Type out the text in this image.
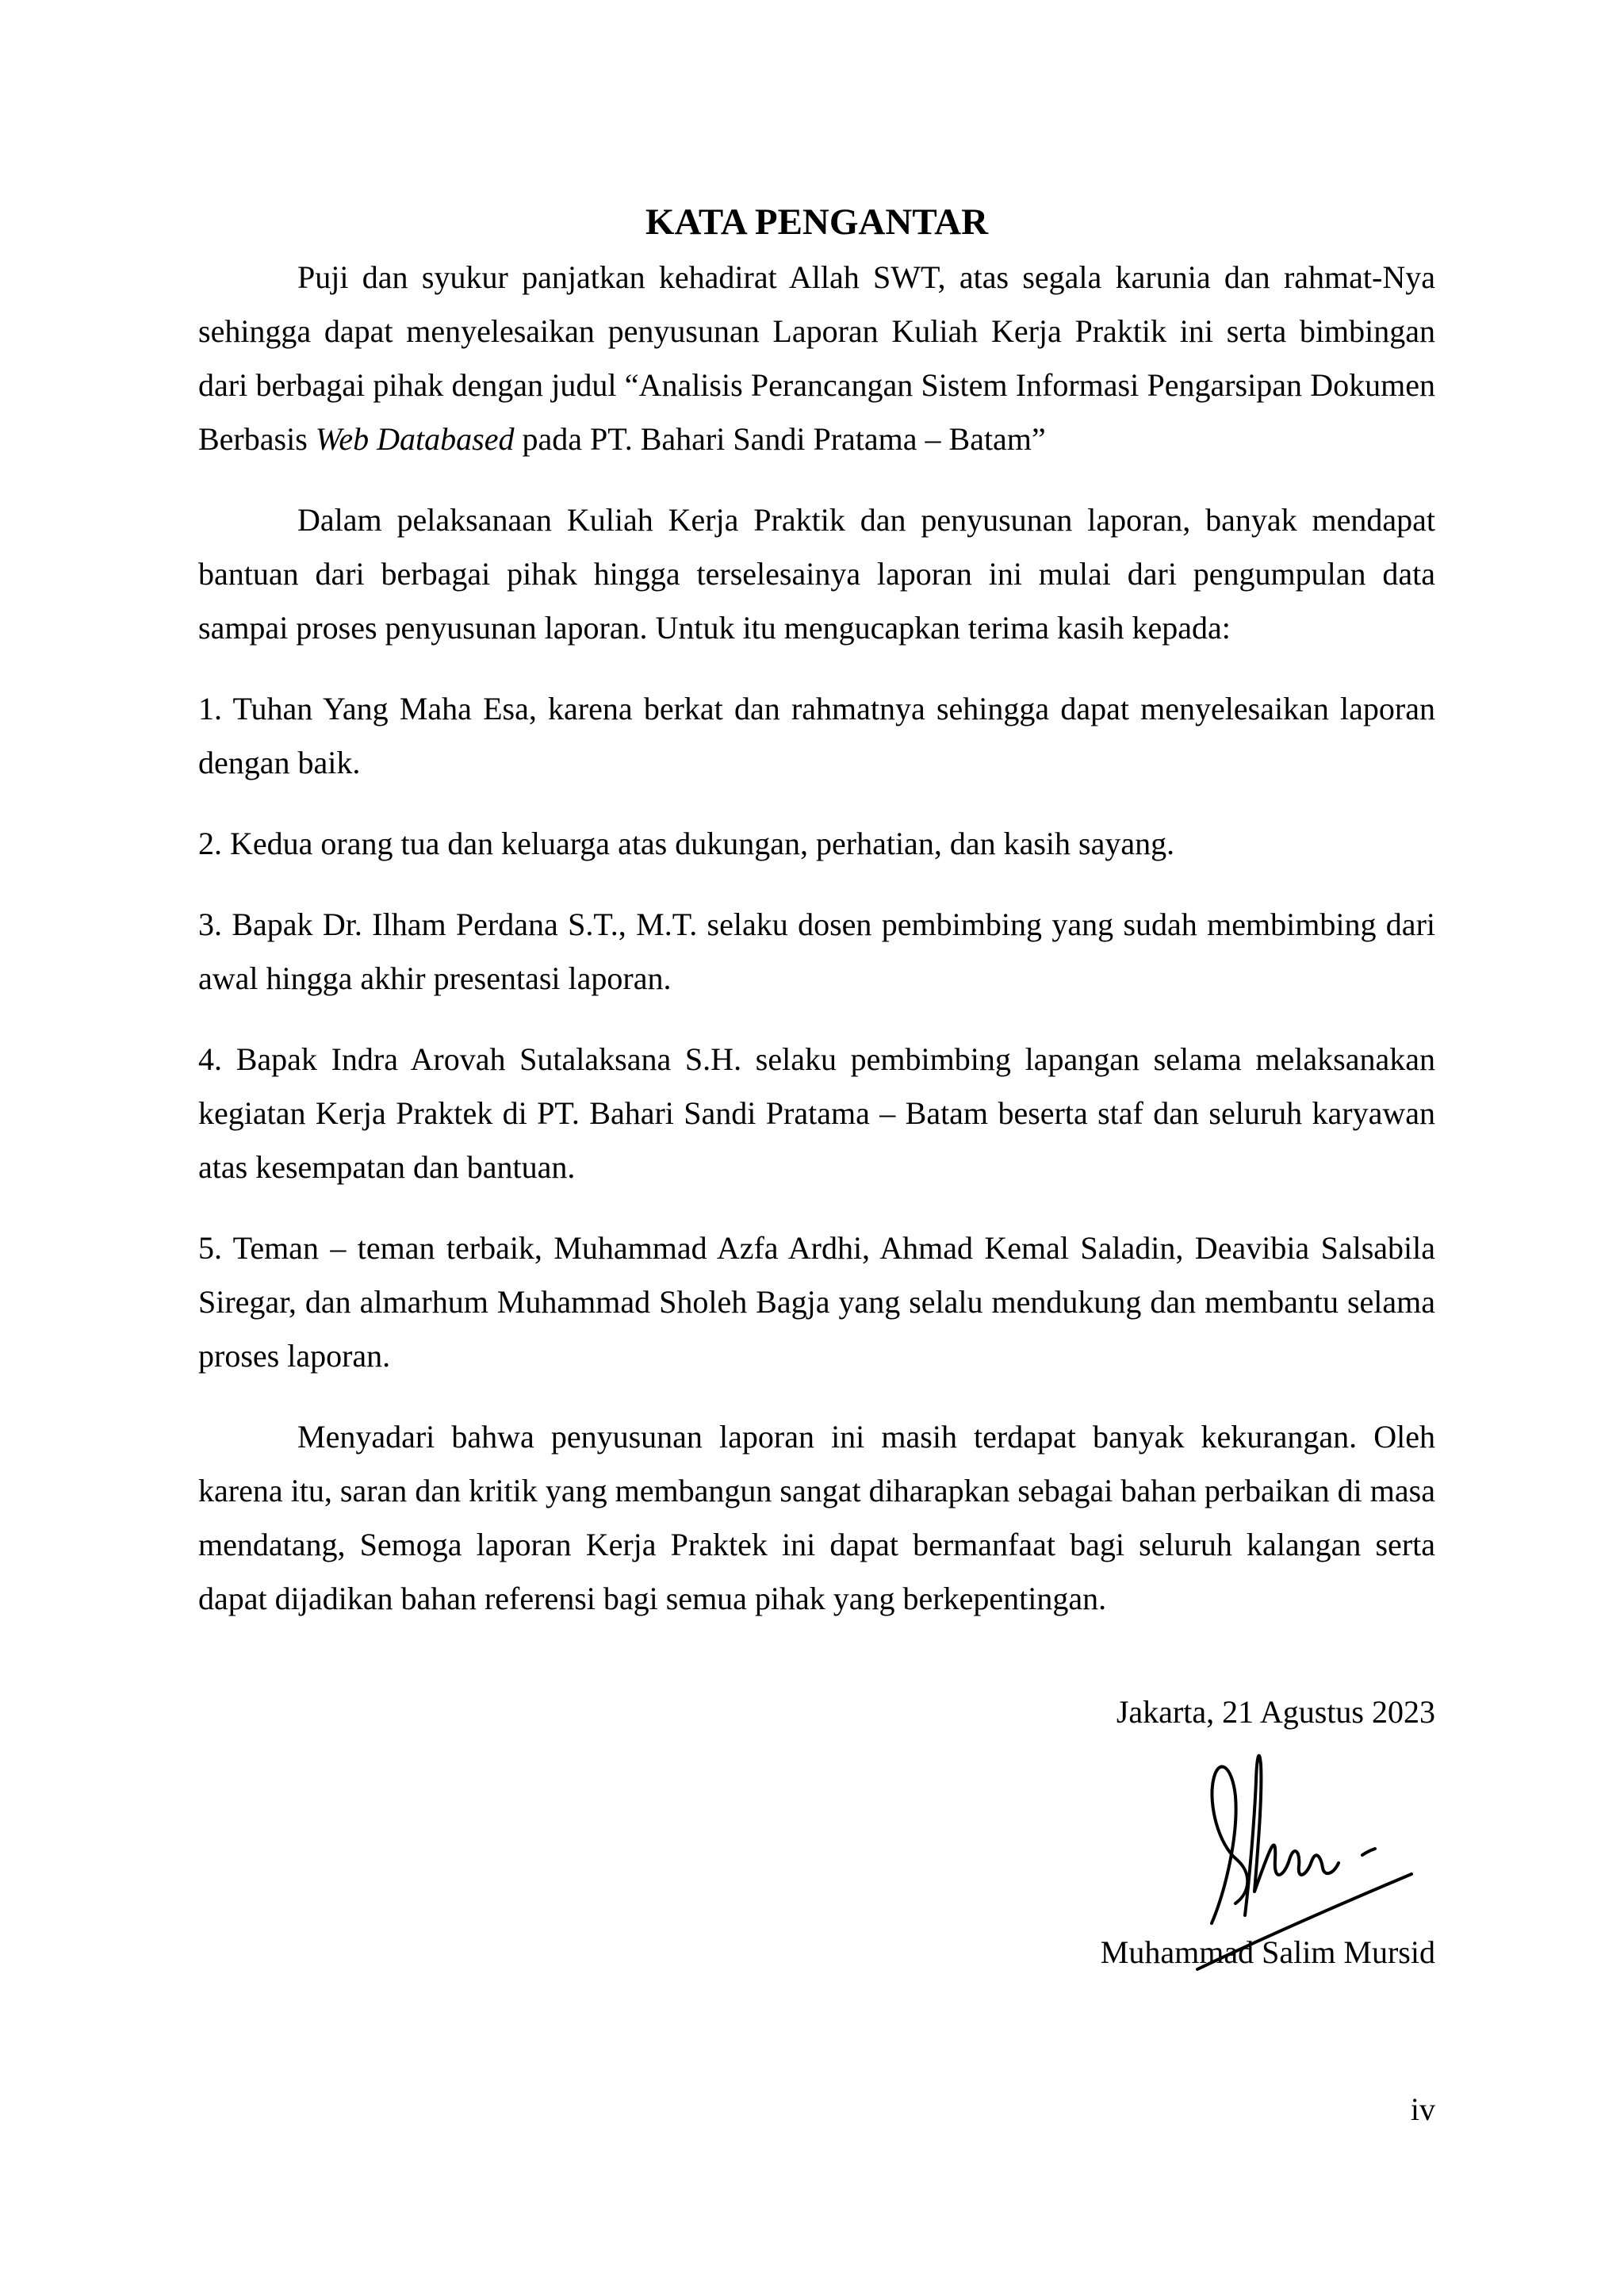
KATA PENGANTAR

Puji dan syukur panjatkan kehadirat Allah SWT, atas segala karunia dan rahmat-Nya sehingga dapat menyelesaikan penyusunan Laporan Kuliah Kerja Praktik ini serta bimbingan dari berbagai pihak dengan judul “Analisis Perancangan Sistem Informasi Pengarsipan Dokumen Berbasis Web Databased pada PT. Bahari Sandi Pratama – Batam”

Dalam pelaksanaan Kuliah Kerja Praktik dan penyusunan laporan, banyak mendapat bantuan dari berbagai pihak hingga terselesainya laporan ini mulai dari pengumpulan data sampai proses penyusunan laporan. Untuk itu mengucapkan terima kasih kepada:

1. Tuhan Yang Maha Esa, karena berkat dan rahmatnya sehingga dapat menyelesaikan laporan dengan baik.

2. Kedua orang tua dan keluarga atas dukungan, perhatian, dan kasih sayang.

3. Bapak Dr. Ilham Perdana S.T., M.T. selaku dosen pembimbing yang sudah membimbing dari awal hingga akhir presentasi laporan.

4. Bapak Indra Arovah Sutalaksana S.H. selaku pembimbing lapangan selama melaksanakan kegiatan Kerja Praktek di PT. Bahari Sandi Pratama – Batam beserta staf dan seluruh karyawan atas kesempatan dan bantuan.

5. Teman – teman terbaik, Muhammad Azfa Ardhi, Ahmad Kemal Saladin, Deavibia Salsabila Siregar, dan almarhum Muhammad Sholeh Bagja yang selalu mendukung dan membantu selama proses laporan.

Menyadari bahwa penyusunan laporan ini masih terdapat banyak kekurangan. Oleh karena itu, saran dan kritik yang membangun sangat diharapkan sebagai bahan perbaikan di masa mendatang, Semoga laporan Kerja Praktek ini dapat bermanfaat bagi seluruh kalangan serta dapat dijadikan bahan referensi bagi semua pihak yang berkepentingan.

Jakarta, 21 Agustus 2023
Muhammad Salim Mursid
iv
